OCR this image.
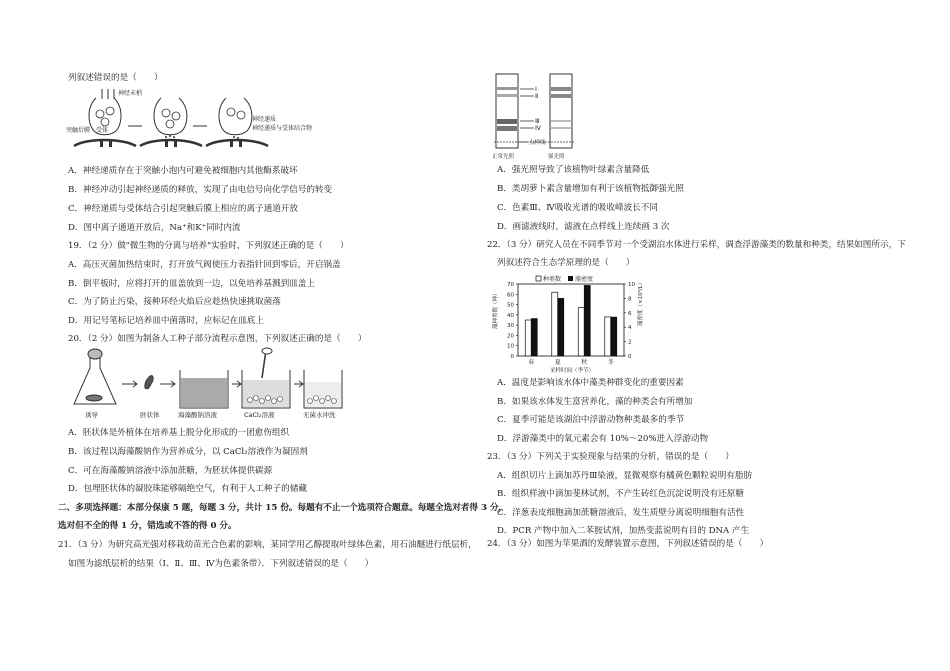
列叙述错误的是（　　）
神经末梢
突触后膜 受体
神经递质
神经递质与受体结合物
A．神经递质存在于突触小泡内可避免被细胞内其他酶系破坏
B．神经冲动引起神经递质的释放，实现了由电信号向化学信号的转变
C．神经递质与受体结合引起突触后膜上相应的离子通道开放
D．图中离子通道开放后，Na⁺和K⁺同时内流
19．（2 分）做"微生物的分离与培养"实验时，下列叙述正确的是（　　）
A．高压灭菌加热结束时，打开放气阀使压力表指针回到零后，开启锅盖
B．倒平板时，应将打开的皿盖放到一边，以免培养基溅到皿盖上
C．为了防止污染，接种环经火焰后应趁热快速挑取菌落
D．用记号笔标记培养皿中菌落时，应标记在皿底上
20．（2 分）如图为制备人工种子部分流程示意图，下列叙述正确的是（　　）
诱导	胚状体	海藻酸钠溶液	CaCl₂溶液	无菌水冲洗
A．胚状体是外植体在培养基上脱分化形成的一团愈伤组织
B．该过程以海藻酸钠作为营养成分，以 CaCl₂溶液作为凝固剂
C．可在海藻酸钠溶液中添加蔗糖，为胚状体提供碳源
D．包埋胚状体的凝胶珠能够隔绝空气，有利于人工种子的储藏
二、多项选择题：本部分保康 5 题，每题 3 分，共计 15 份。每题有不止一个选项符合题意。每题全选对者得 3 分，
选对但不全的得 1 分，错选或不答的得 0 分。
21．（3 分）为研究高光强对移栽幼苗光合色素的影响，某同学用乙醇提取叶绿体色素，用石油醚进行纸层析，
如图为滤纸层析的结果（Ⅰ、Ⅱ、Ⅲ、Ⅳ为色素条带）．下列叙述错误的是（　　）
Ⅰ
Ⅱ
Ⅲ
Ⅳ
点样线
正常光照	强光照
A．强光照导致了该植物叶绿素含量降低
B．类胡萝卜素含量增加有利于该植物抵御强光照
C．色素Ⅲ、Ⅳ吸收光谱的吸收峰波长不同
D．画滤液线时，滤液在点样线上连续画 3 次
22．（3 分）研究人员在不同季节对一个受湖泊水体进行采样，调查浮游藻类的数量和种类，结果如图所示，下
列叙述符合生态学原理的是（　　）
藻种类数（种）	藻密度（×10⁶/L）
采样时间（季节）
种类数 藻密度
0
10
20
30
40
50
60
70
0
2
4
6
8
10
春	夏	秋	冬
A．温度是影响该水体中藻类种群变化的重要因素
B．如果该水体发生富营养化，藻的种类会有所增加
C．夏季可能是该湖泊中浮游动物种类最多的季节
D．浮游藻类中的氧元素会有 10%～20%进入浮游动物
23．（3 分）下列关于实验现象与结果的分析，错误的是（　　）
A．组织切片上滴加苏丹Ⅲ染液，显微观察有橘黄色颗粒说明有脂肪
B．组织样液中滴加斐林试剂，不产生砖红色沉淀说明没有还原糖
C．洋葱表皮细胞滴加蔗糖溶液后，发生质壁分离说明细胞有活性
D．PCR 产物中加入二苯胺试剂，加热变蓝说明有目的 DNA 产生
24．（3 分）如图为苹果酒的发酵装置示意图，下列叙述错误的是（　　）
